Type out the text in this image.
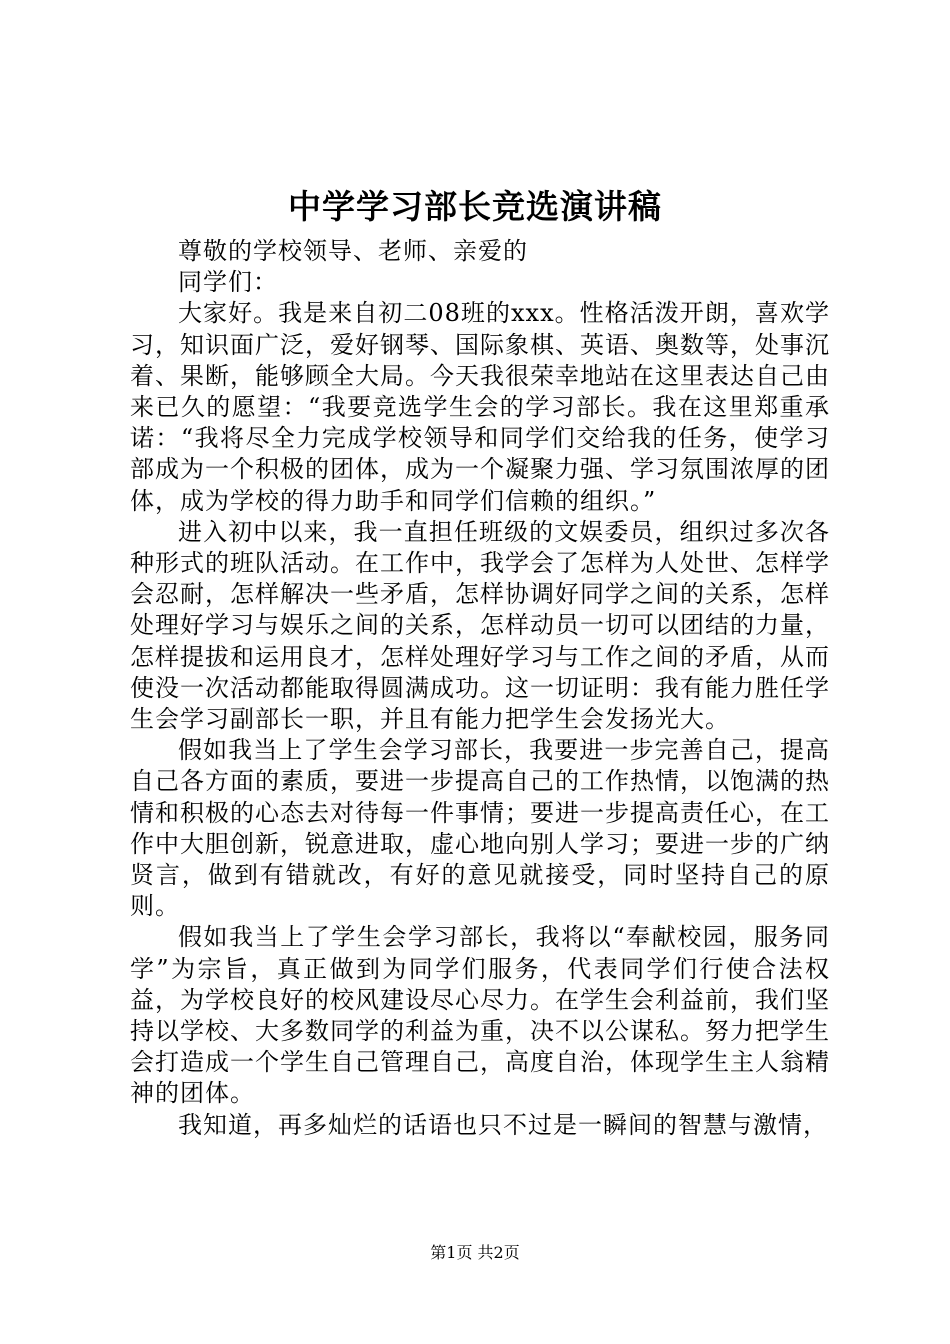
中学学习部长竞选演讲稿

尊敬的学校领导、老师、亲爱的

同学们：

大家好。我是来自初二08班的xxx。性格活泼开朗，喜欢学习，知识面广泛，爱好钢琴、国际象棋、英语、奥数等，处事沉着、果断，能够顾全大局。今天我很荣幸地站在这里表达自己由来已久的愿望：“我要竞选学生会的学习部长。我在这里郑重承诺：“我将尽全力完成学校领导和同学们交给我的任务，使学习部成为一个积极的团体，成为一个凝聚力强、学习氛围浓厚的团体，成为学校的得力助手和同学们信赖的组织。”

进入初中以来，我一直担任班级的文娱委员，组织过多次各种形式的班队活动。在工作中，我学会了怎样为人处世、怎样学会忍耐，怎样解决一些矛盾，怎样协调好同学之间的关系，怎样处理好学习与娱乐之间的关系，怎样动员一切可以团结的力量，怎样提拔和运用良才，怎样处理好学习与工作之间的矛盾，从而使没一次活动都能取得圆满成功。这一切证明：我有能力胜任学生会学习副部长一职，并且有能力把学生会发扬光大。

假如我当上了学生会学习部长，我要进一步完善自己，提高自己各方面的素质，要进一步提高自己的工作热情，以饱满的热情和积极的心态去对待每一件事情；要进一步提高责任心，在工作中大胆创新，锐意进取，虚心地向别人学习；要进一步的广纳贤言，做到有错就改，有好的意见就接受，同时坚持自己的原则。

假如我当上了学生会学习部长，我将以“奉献校园，服务同学”为宗旨，真正做到为同学们服务，代表同学们行使合法权益，为学校良好的校风建设尽心尽力。在学生会利益前，我们坚持以学校、大多数同学的利益为重，决不以公谋私。努力把学生会打造成一个学生自己管理自己，高度自治，体现学生主人翁精神的团体。

我知道，再多灿烂的话语也只不过是一瞬间的智慧与激情，

第1页 共2页
